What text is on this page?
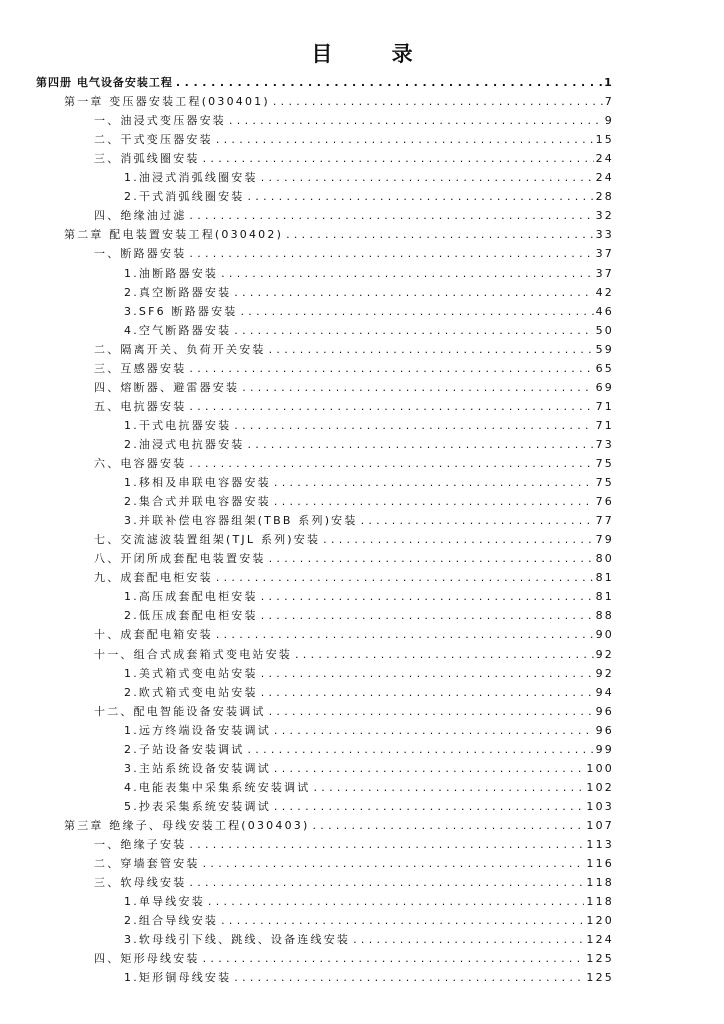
目 录
第四册 电气设备安装工程 . . .	1
第一章 变压器安装工程(030401) . . .	7
一、油浸式变压器安装 . . .	9
二、干式变压器安装 . . .	15
三、消弧线圈安装 . . .	24
1.油浸式消弧线圈安装 . . .	24
2.干式消弧线圈安装 . . .	28
四、绝缘油过滤 . . .	32
第二章 配电装置安装工程(030402) . . .	33
一、断路器安装 . . .	37
1.油断路器安装 . . .	37
2.真空断路器安装 . . .	42
3.SF6 断路器安装 . . .	46
4.空气断路器安装 . . .	50
二、隔离开关、负荷开关安装 . . .	59
三、互感器安装 . . .	65
四、熔断器、避雷器安装 . . .	69
五、电抗器安装 . . .	71
1.干式电抗器安装 . . .	71
2.油浸式电抗器安装 . . .	73
六、电容器安装 . . .	75
1.移相及串联电容器安装 . . .	75
2.集合式并联电容器安装 . . .	76
3.并联补偿电容器组架(TBB 系列)安装 . . .	77
七、交流滤波装置组架(TJL 系列)安装 . . .	79
八、开闭所成套配电装置安装 . . .	80
九、成套配电柜安装 . . .	81
1.高压成套配电柜安装 . . .	81
2.低压成套配电柜安装 . . .	88
十、成套配电箱安装 . . .	90
十一、组合式成套箱式变电站安装 . . .	92
1.美式箱式变电站安装 . . .	92
2.欧式箱式变电站安装 . . .	94
十二、配电智能设备安装调试 . . .	96
1.远方终端设备安装调试 . . .	96
2.子站设备安装调试 . . .	99
3.主站系统设备安装调试 . . .	100
4.电能表集中采集系统安装调试 . . .	102
5.抄表采集系统安装调试 . . .	103
第三章 绝缘子、母线安装工程(030403) . . .	107
一、绝缘子安装 . . .	113
二、穿墙套管安装 . . .	116
三、软母线安装 . . .	118
1.单导线安装 . . .	118
2.组合导线安装 . . .	120
3.软母线引下线、跳线、设备连线安装 . . .	124
四、矩形母线安装 . . .	125
1.矩形铜母线安装 . . .	125
